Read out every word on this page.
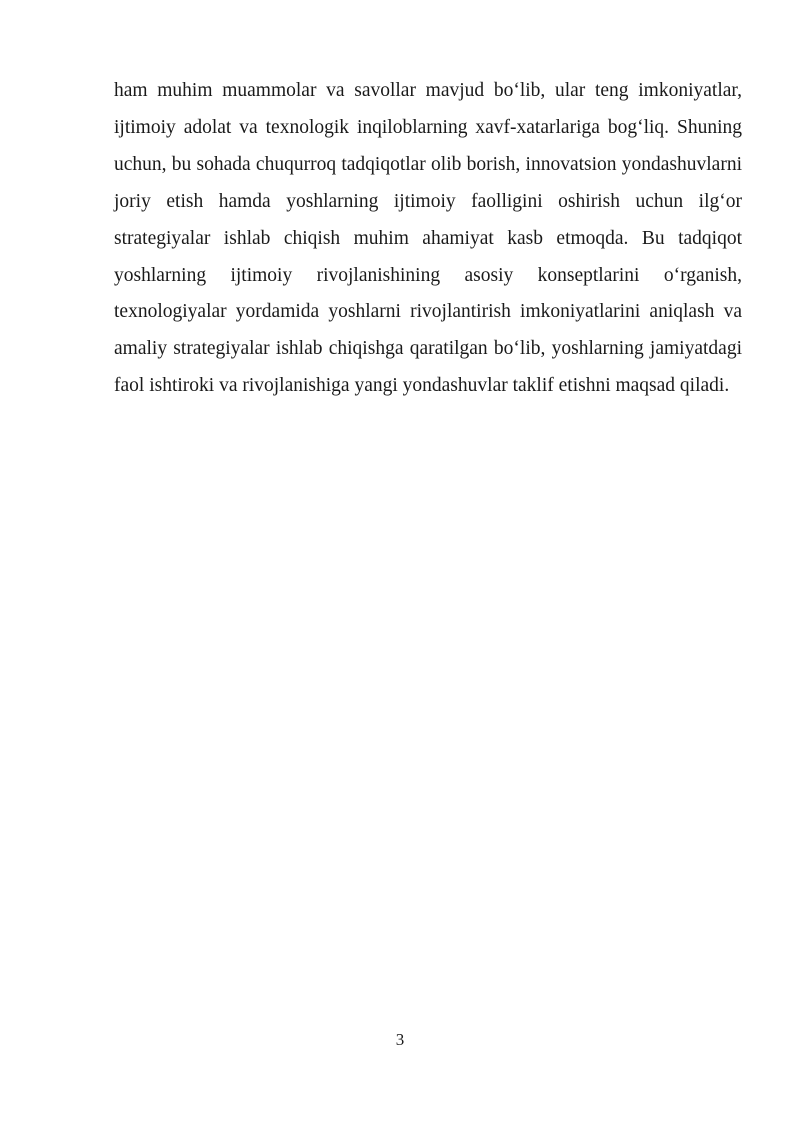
ham muhim muammolar va savollar mavjud bo‘lib, ular teng imkoniyatlar, ijtimoiy adolat va texnologik inqiloblarning xavf-xatarlariga bog‘liq. Shuning uchun, bu sohada chuqurroq tadqiqotlar olib borish, innovatsion yondashuvlarni joriy etish hamda yoshlarning ijtimoiy faolligini oshirish uchun ilg‘or strategiyalar ishlab chiqish muhim ahamiyat kasb etmoqda. Bu tadqiqot yoshlarning ijtimoiy rivojlanishining asosiy konseptlarini o‘rganish, texnologiyalar yordamida yoshlarni rivojlantirish imkoniyatlarini aniqlash va amaliy strategiyalar ishlab chiqishga qaratilgan bo‘lib, yoshlarning jamiyatdagi faol ishtiroki va rivojlanishiga yangi yondashuvlar taklif etishni maqsad qiladi.

3
